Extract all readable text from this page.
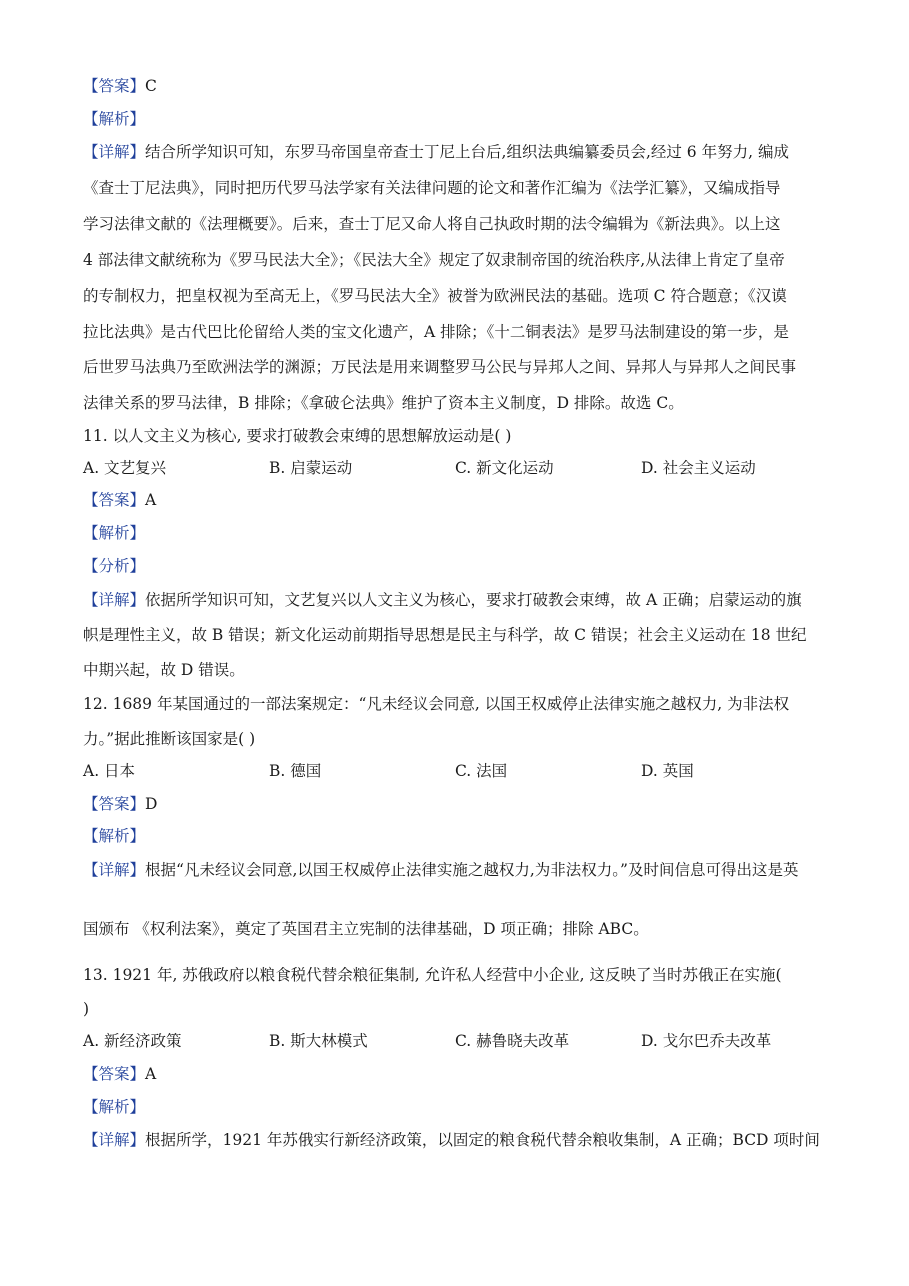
【答案】C
【解析】
【详解】结合所学知识可知，东罗马帝国皇帝查士丁尼上台后,组织法典编纂委员会,经过 6 年努力, 编成
《查士丁尼法典》，同时把历代罗马法学家有关法律问题的论文和著作汇编为《法学汇纂》，又编成指导
学习法律文献的《法理概要》。后来，查士丁尼又命人将自己执政时期的法令编辑为《新法典》。以上这
4 部法律文献统称为《罗马民法大全》；《民法大全》规定了奴隶制帝国的统治秩序,从法律上肯定了皇帝
的专制权力，把皇权视为至高无上，《罗马民法大全》被誉为欧洲民法的基础。选项 C 符合题意；《汉谟
拉比法典》是古代巴比伦留给人类的宝文化遗产，A 排除；《十二铜表法》是罗马法制建设的第一步，是
后世罗马法典乃至欧洲法学的渊源；万民法是用来调整罗马公民与异邦人之间、异邦人与异邦人之间民事
法律关系的罗马法律，B 排除；《拿破仑法典》维护了资本主义制度，D 排除。故选 C。
11. 以人文主义为核心, 要求打破教会束缚的思想解放运动是( )
A. 文艺复兴	B. 启蒙运动	C. 新文化运动	D. 社会主义运动
【答案】A
【解析】
【分析】
【详解】依据所学知识可知，文艺复兴以人文主义为核心，要求打破教会束缚，故 A 正确；启蒙运动的旗
帜是理性主义，故 B 错误；新文化运动前期指导思想是民主与科学，故 C 错误；社会主义运动在 18 世纪
中期兴起，故 D 错误。
12. 1689 年某国通过的一部法案规定：“凡未经议会同意, 以国王权威停止法律实施之越权力, 为非法权
力。”据此推断该国家是( )
A. 日本	B. 德国	C. 法国	D. 英国
【答案】D
【解析】
【详解】根据“凡未经议会同意,以国王权威停止法律实施之越权力,为非法权力。”及时间信息可得出这是英
国颁布 《权利法案》，奠定了英国君主立宪制的法律基础，D 项正确；排除 ABC。
13. 1921 年, 苏俄政府以粮食税代替余粮征集制, 允许私人经营中小企业, 这反映了当时苏俄正在实施(
)
A. 新经济政策	B. 斯大林模式	C. 赫鲁晓夫改革	D. 戈尔巴乔夫改革
【答案】A
【解析】
【详解】根据所学，1921 年苏俄实行新经济政策，以固定的粮食税代替余粮收集制，A 正确；BCD 项时间
